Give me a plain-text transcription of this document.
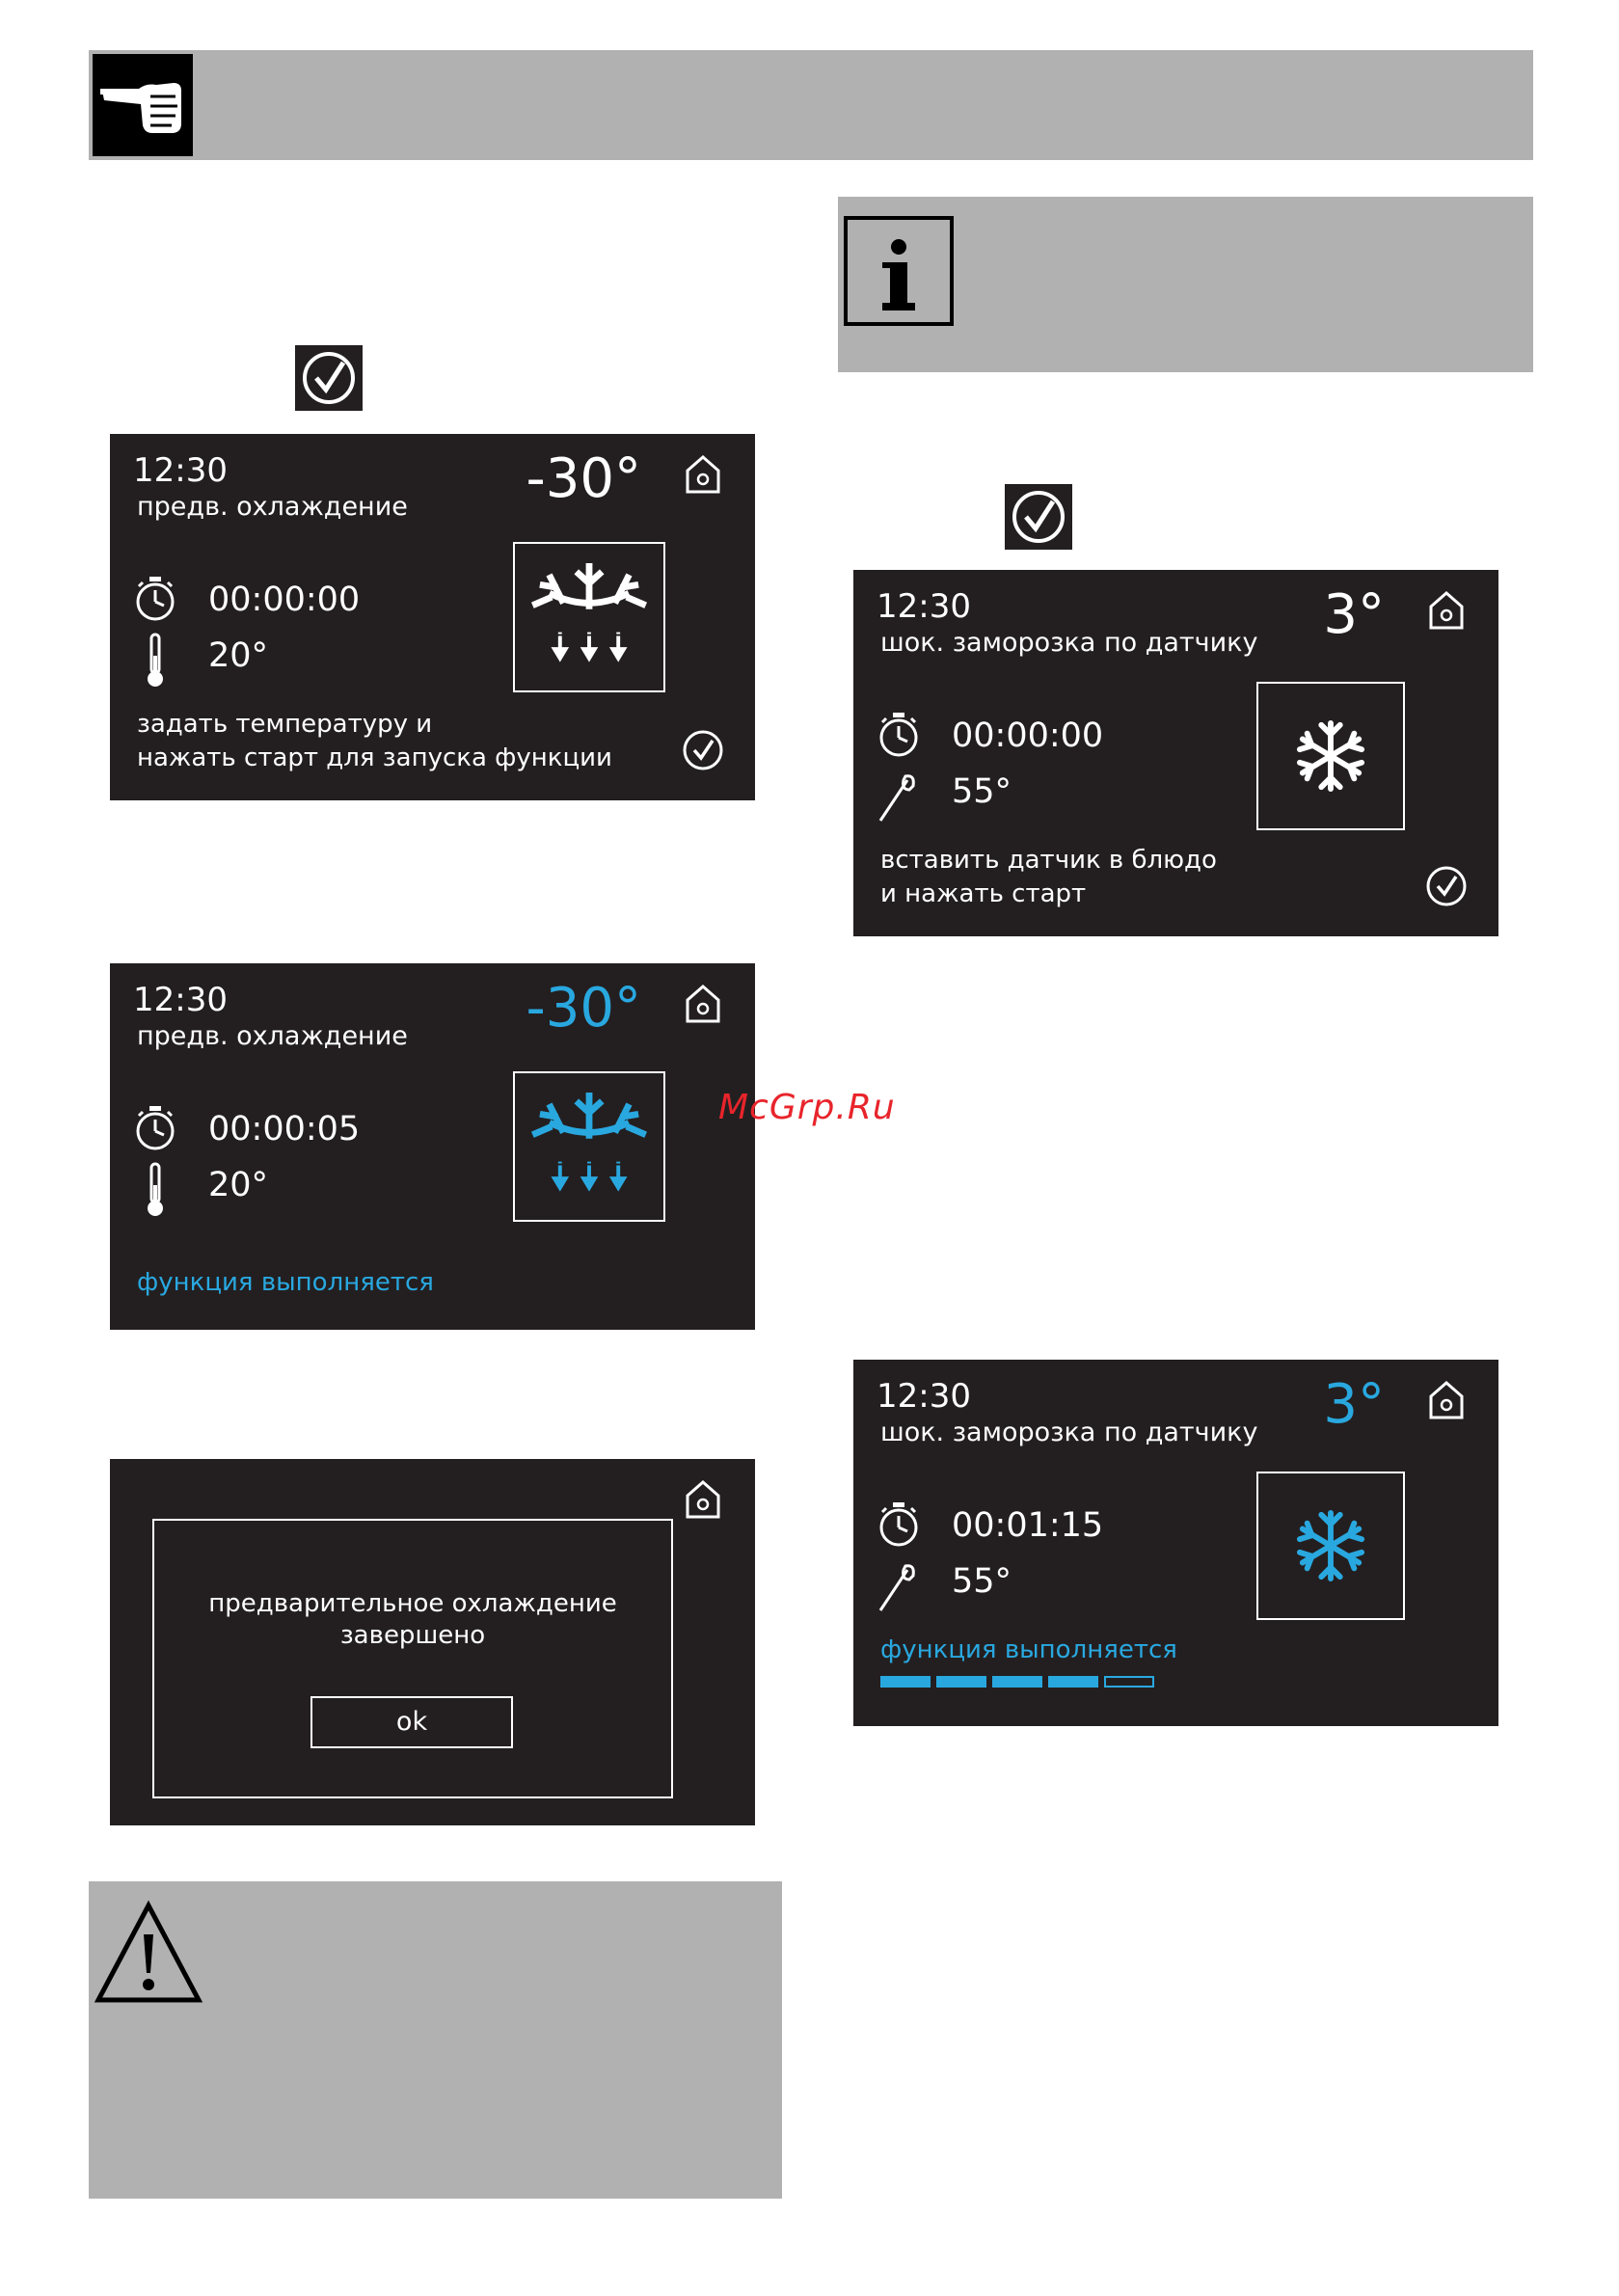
12:30
предв. охлаждение -30°
00:00:00
20°
задать температуру и
нажать старт для запуска функции
12:30
предв. охлаждение -30°
00:00:05
20°
функция выполняется
предварительное охлаждение
завершено
ok
12:30
шок. заморозка по датчику 3°
00:00:00
55°
вставить датчик в блюдо
и нажать старт
12:30
шок. заморозка по датчику 3°
00:01:15
55°
функция выполняется
McGrp.Ru
